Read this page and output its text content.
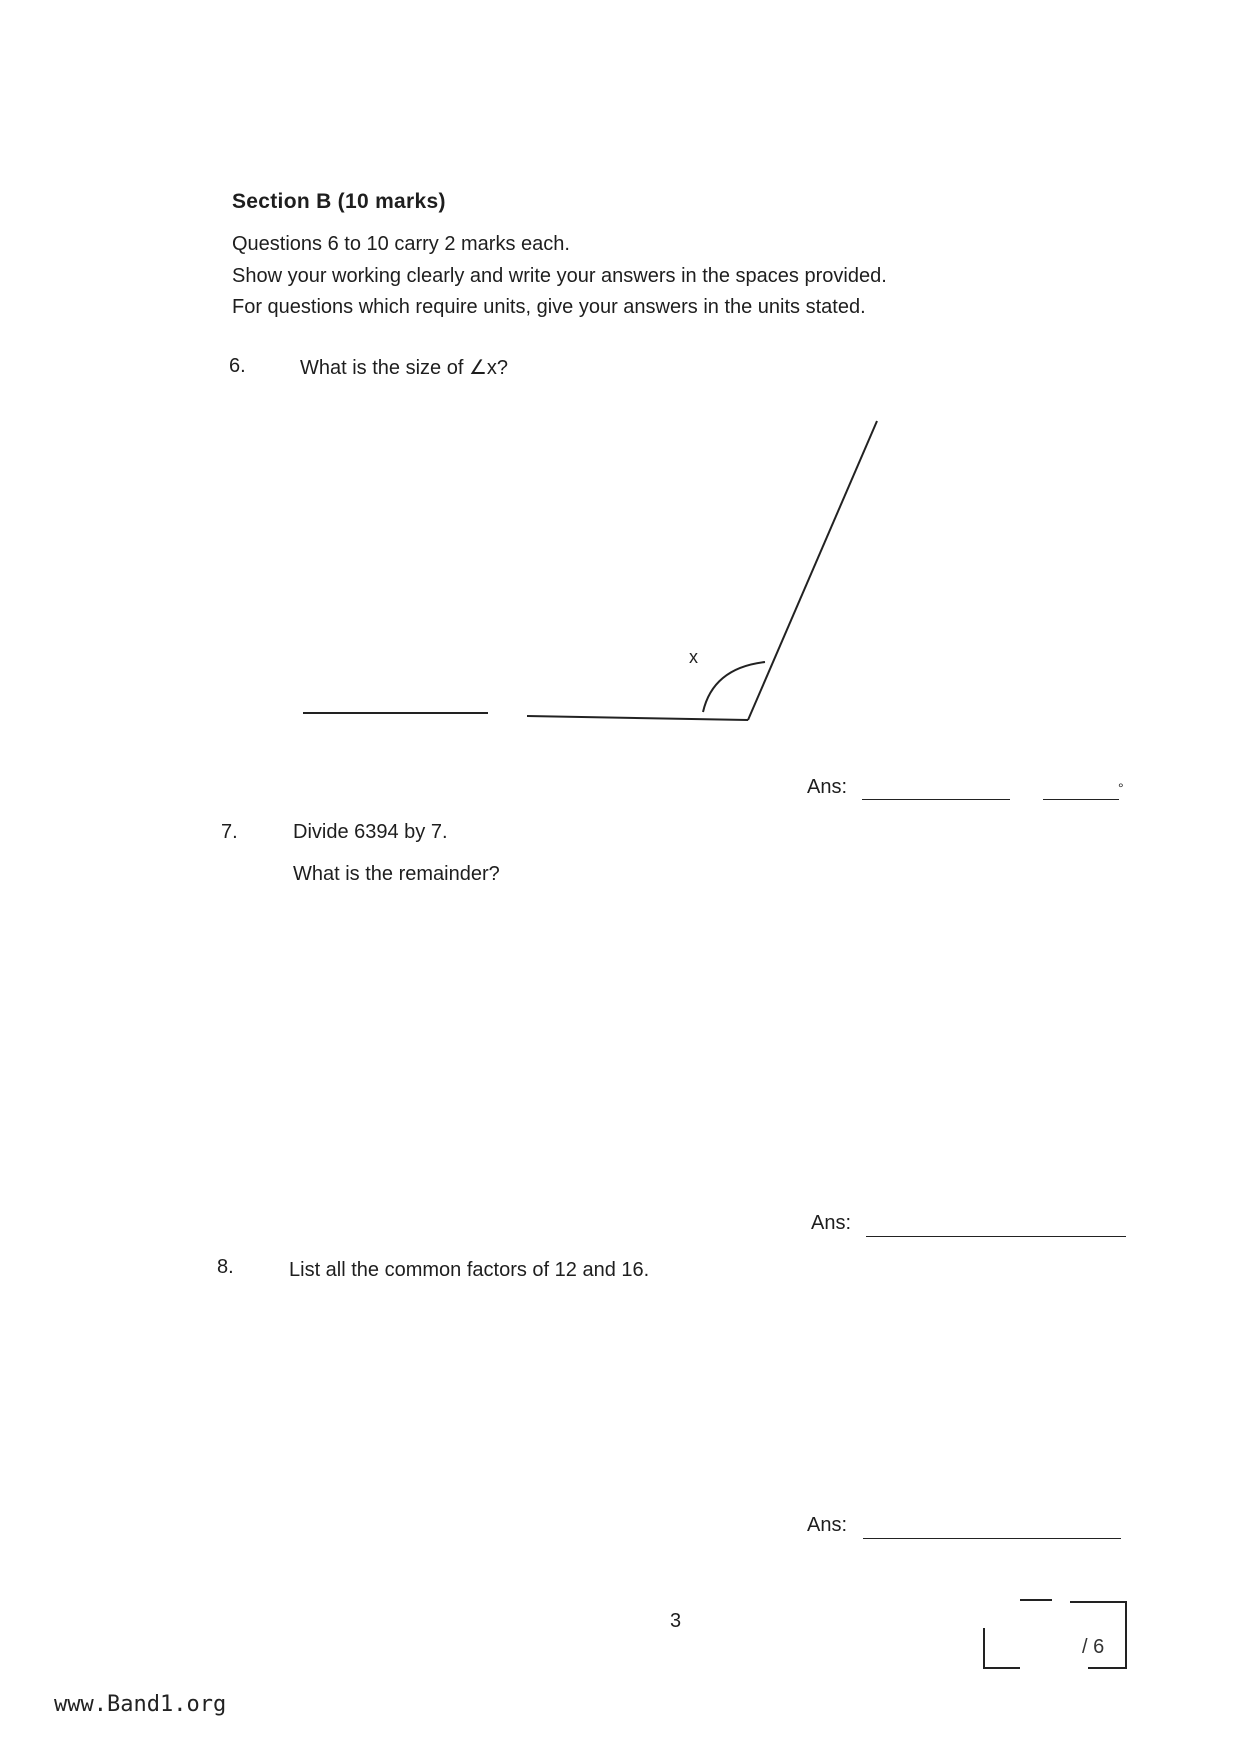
Section B (10 marks)
Questions 6 to 10 carry 2 marks each.
Show your working clearly and write your answers in the spaces provided.
For questions which require units, give your answers in the units stated.
6.	What is the size of ∠x?
x
Ans:	°
7.	Divide 6394 by 7.
What is the remainder?
Ans:
8.	List all the common factors of 12 and 16.
Ans:
3
/ 6
www.Band1.org
